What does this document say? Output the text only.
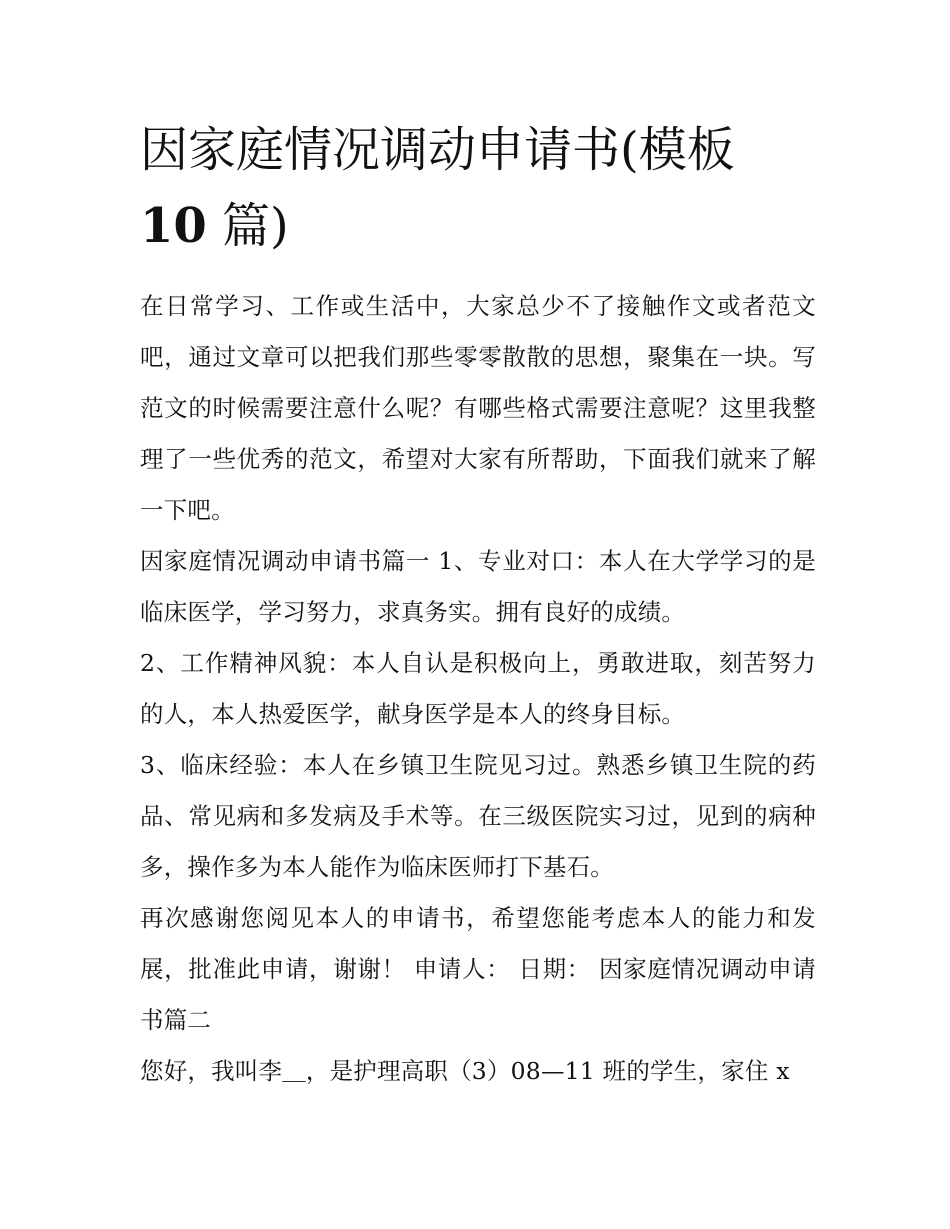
因家庭情况调动申请书(模板
10 篇)

在日常学习、工作或生活中，大家总少不了接触作文或者范文吧，通过文章可以把我们那些零零散散的思想，聚集在一块。写范文的时候需要注意什么呢？有哪些格式需要注意呢？这里我整理了一些优秀的范文，希望对大家有所帮助，下面我们就来了解一下吧。

因家庭情况调动申请书篇一 1、专业对口：本人在大学学习的是临床医学，学习努力，求真务实。拥有良好的成绩。

2、工作精神风貌：本人自认是积极向上，勇敢进取，刻苦努力的人，本人热爱医学，献身医学是本人的终身目标。

3、临床经验：本人在乡镇卫生院见习过。熟悉乡镇卫生院的药品、常见病和多发病及手术等。在三级医院实习过，见到的病种多，操作多为本人能作为临床医师打下基石。

再次感谢您阅见本人的申请书，希望您能考虑本人的能力和发展，批准此申请，谢谢！ 申请人： 日期： 因家庭情况调动申请书篇二

您好，我叫李＿，是护理高职（3）08—11 班的学生，家住 x
